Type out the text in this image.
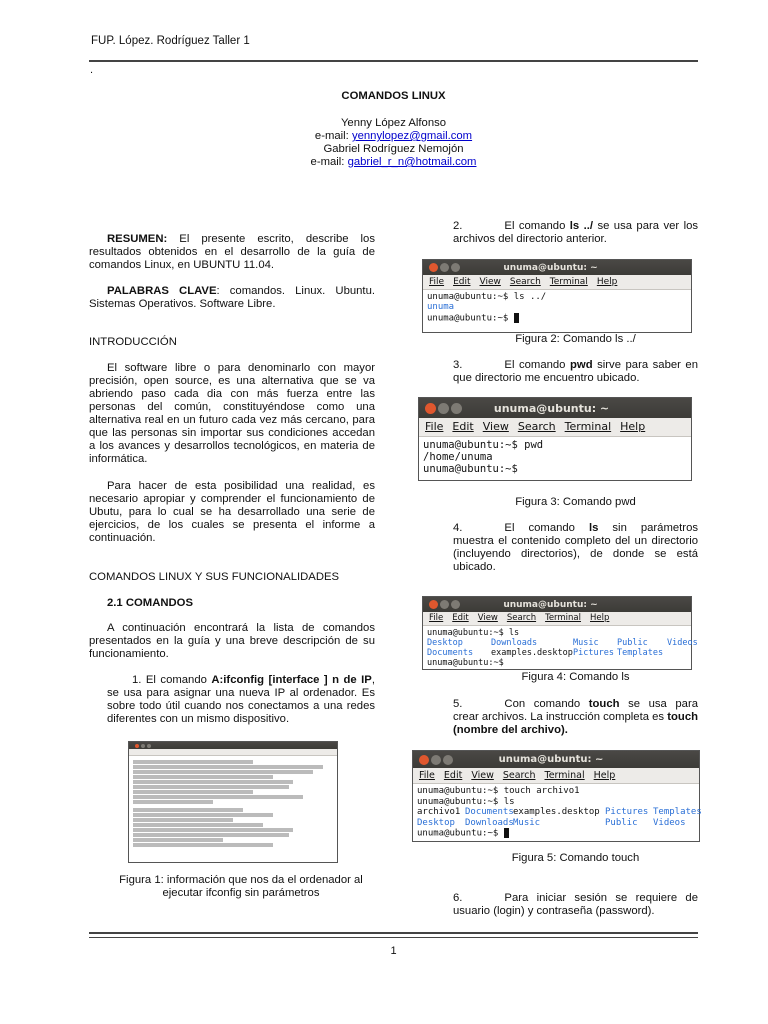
FUP. López. Rodríguez Taller 1
.
COMANDOS LINUX
Yenny López Alfonso
e-mail: yennylopez@gmail.com
Gabriel Rodríguez Nemojón
e-mail: gabriel_r_n@hotmail.com

RESUMEN: El presente escrito, describe los resultados obtenidos en el desarrollo de la guía de comandos Linux, en UBUNTU 11.04.

PALABRAS CLAVE: comandos. Linux. Ubuntu. Sistemas Operativos. Software Libre.

INTRODUCCIÓN

El software libre o para denominarlo con mayor precisión, open source, es una alternativa que se va abriendo paso cada dia con más fuerza entre las personas del común, constituyéndose como una alternativa real en un futuro cada vez más cercano, para que las personas sin importar sus condiciones accedan a los avances y desarrollos tecnológicos, en materia de informática.

Para hacer de esta posibilidad una realidad, es necesario apropiar y comprender el funcionamiento de Ubutu, para lo cual se ha desarrollado una serie de ejercicios, de los cuales se presenta el informe a continuación.

COMANDOS LINUX Y SUS FUNCIONALIDADES

2.1 COMANDOS

A continuación encontrará la lista de comandos presentados en la guía y una breve descripción de su funcionamiento.

1. El comando A:ifconfig [interface ] n de IP, se usa para asignar una nueva IP al ordenador. Es sobre todo útil cuando nos conectamos a una redes diferentes con un mismo dispositivo.

Figura 1: información que nos da el ordenador al ejecutar ifconfig sin parámetros

2.	El comando ls ../ se usa para ver los archivos del directorio anterior.

unuma@ubuntu: ~
File Edit View Search Terminal Help
unuma@ubuntu:~$ ls ../
unuma
unuma@ubuntu:~$

Figura 2: Comando ls ../

3.	El comando pwd sirve para saber en que directorio me encuentro ubicado.

unuma@ubuntu: ~
File Edit View Search Terminal Help
unuma@ubuntu:~$ pwd
/home/unuma
unuma@ubuntu:~$

Figura 3: Comando pwd

4.	El comando ls sin parámetros muestra el contenido completo del un directorio (incluyendo directorios), de donde se está ubicado.

unuma@ubuntu: ~
File Edit View Search Terminal Help
unuma@ubuntu:~$ ls
Desktop	Downloads	Music	Public	Videos
Documents	examples.desktop Pictures Templates
unuma@ubuntu:~$

Figura 4: Comando ls

5.	Con comando touch se usa para crear archivos. La instrucción completa es touch (nombre del archivo).

unuma@ubuntu: ~
File Edit View Search Terminal Help
unuma@ubuntu:~$ touch archivo1
unuma@ubuntu:~$ ls
archivo1 Documents examples.desktop Pictures Templates
Desktop	Downloads Music	Public	Videos
unuma@ubuntu:~$

Figura 5: Comando touch

6.	Para iniciar sesión se requiere de usuario (login) y contraseña (password).

1
